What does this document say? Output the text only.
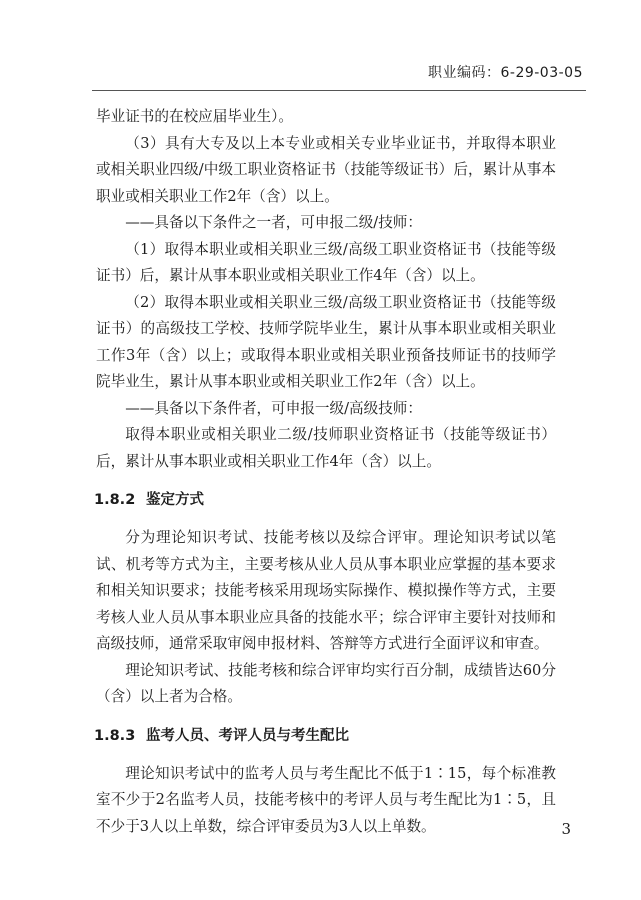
职业编码：6-29-03-05

毕业证书的在校应届毕业生）。

（3）具有大专及以上本专业或相关专业毕业证书，并取得本职业或相关职业四级/中级工职业资格证书（技能等级证书）后，累计从事本职业或相关职业工作2年（含）以上。

——具备以下条件之一者，可申报二级/技师：

（1）取得本职业或相关职业三级/高级工职业资格证书（技能等级证书）后，累计从事本职业或相关职业工作4年（含）以上。

（2）取得本职业或相关职业三级/高级工职业资格证书（技能等级证书）的高级技工学校、技师学院毕业生，累计从事本职业或相关职业工作3年（含）以上；或取得本职业或相关职业预备技师证书的技师学院毕业生，累计从事本职业或相关职业工作2年（含）以上。

——具备以下条件者，可申报一级/高级技师：

取得本职业或相关职业二级/技师职业资格证书（技能等级证书）后，累计从事本职业或相关职业工作4年（含）以上。

1.8.2 鉴定方式

分为理论知识考试、技能考核以及综合评审。理论知识考试以笔试、机考等方式为主，主要考核从业人员从事本职业应掌握的基本要求和相关知识要求；技能考核采用现场实际操作、模拟操作等方式，主要考核人业人员从事本职业应具备的技能水平；综合评审主要针对技师和高级技师，通常采取审阅申报材料、答辩等方式进行全面评议和审查。

理论知识考试、技能考核和综合评审均实行百分制，成绩皆达60分（含）以上者为合格。

1.8.3 监考人员、考评人员与考生配比

理论知识考试中的监考人员与考生配比不低于1∶15，每个标准教室不少于2名监考人员，技能考核中的考评人员与考生配比为1∶5，且不少于3人以上单数，综合评审委员为3人以上单数。	3
